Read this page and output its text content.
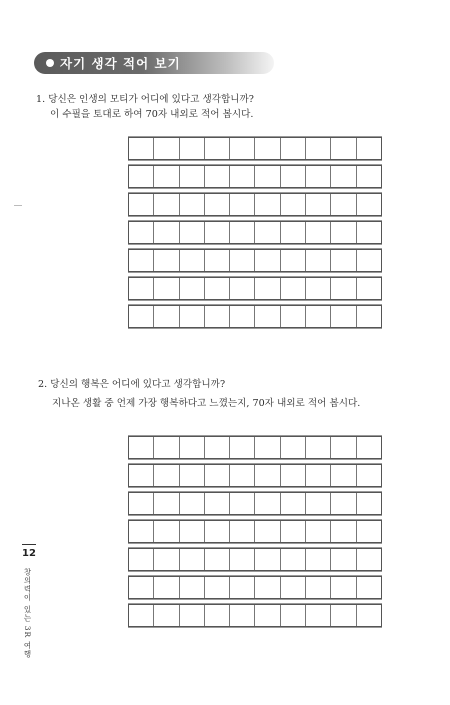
자기 생각 적어 보기
1. 당신은 인생의 모티가 어디에 있다고 생각합니까?
이 수필을 토대로 하여 70자 내외로 적어 봅시다.
2. 당신의 행복은 어디에 있다고 생각합니까?
지나온 생활 중 언제 가장 행복하다고 느꼈는지, 70자 내외로 적어 봅시다.
12
창의력이 있는 3R 여행
